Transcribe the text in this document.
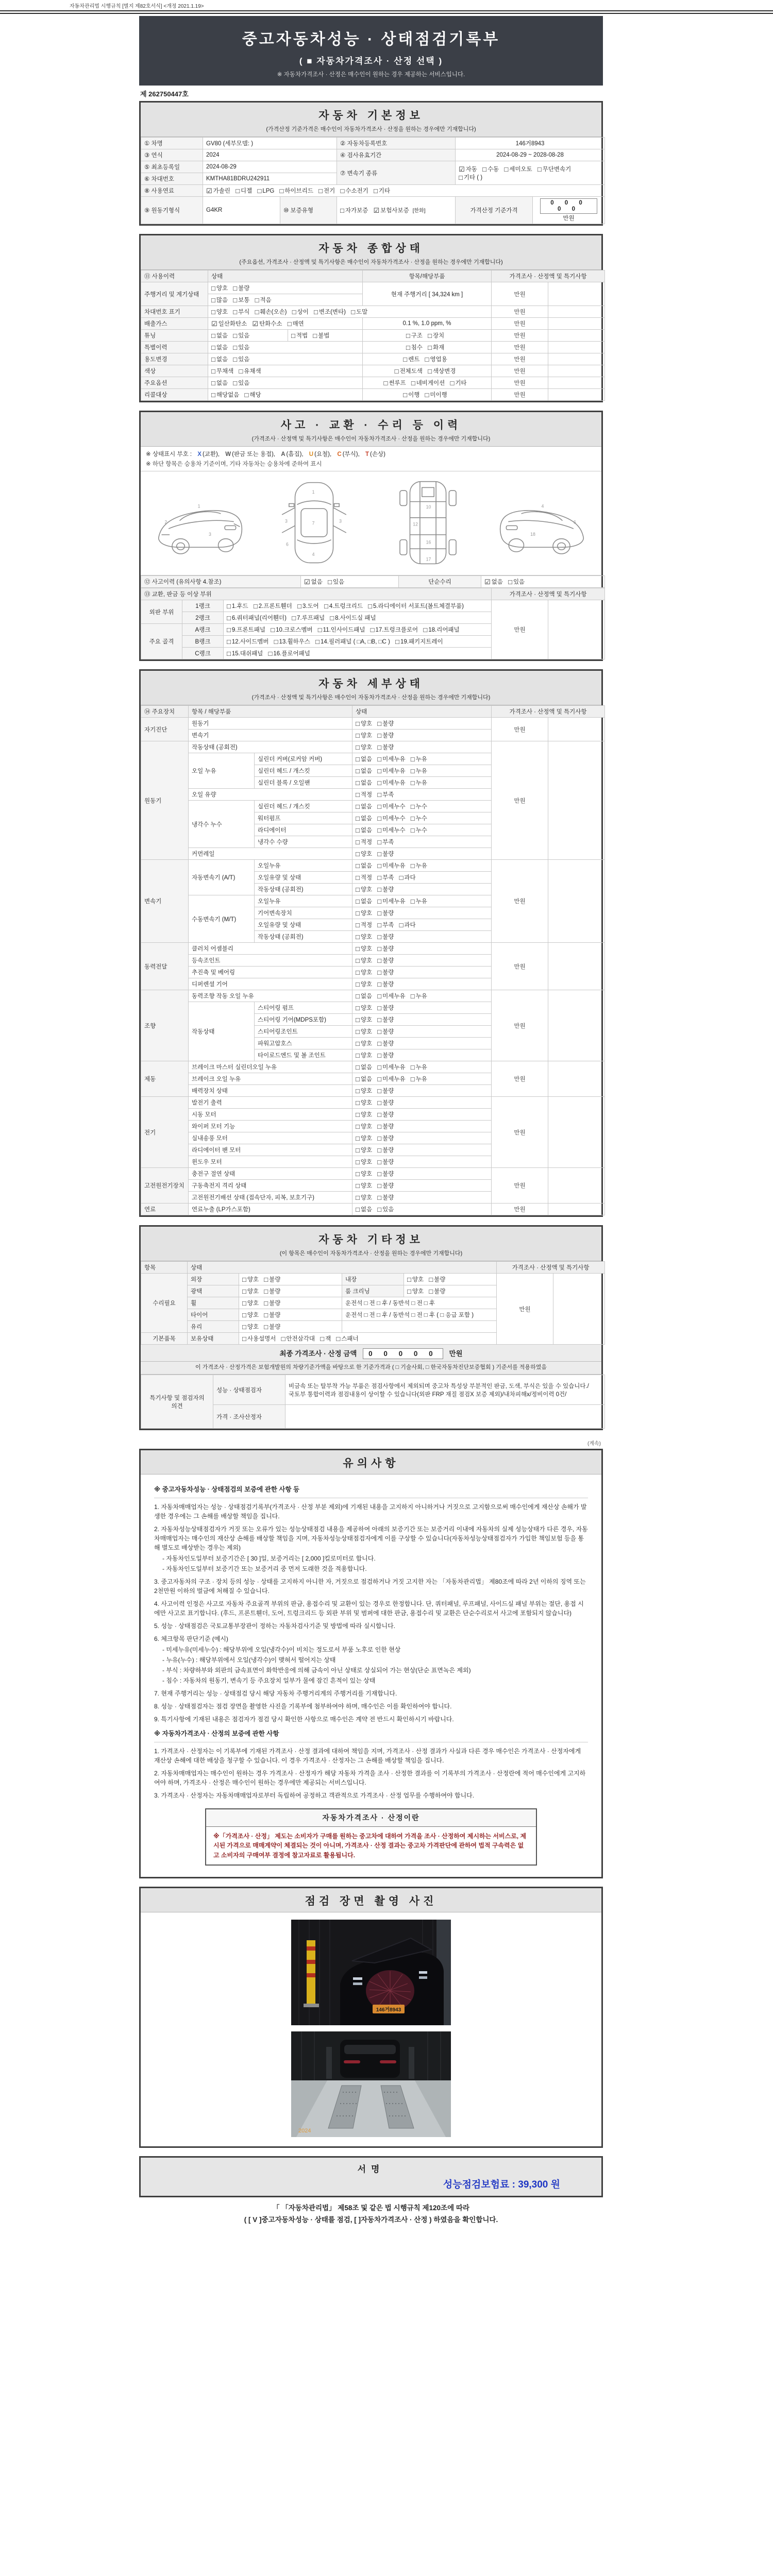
자동차관리법 시행규칙 [별지 제82호서식] <개정 2021.1.19>
중고자동차성능 · 상태점검기록부
( ■ 자동차가격조사 · 산정 선택 )
※ 자동차가격조사 · 산정은 매수인이 원하는 경우 제공하는 서비스입니다.
제 262750447호
자동차 기본정보
(가격산정 기준가격은 매수인이 자동차가격조사 · 산정을 원하는 경우에만 기재합니다)
① 차명	GV80 (세부모델: )		② 자동차등록번호	146거8943	
③ 연식	2024		④ 검사유효기간	2024-08-29 ~ 2028-08-28	
⑤ 최초등록일	2024-08-29		⑦ 변속기 종류	☑ 자동 □ 수동 □ 세미오토 □ 무단변속기 □ 기타 ( )	
⑥ 차대번호	KMTHA81BDRU242911				
⑧ 사용연료	☑ 가솔린 □ 디젤 □ LPG □ 하이브리드 □ 전기 □ 수소전기 □ 기타				
⑨ 원동기형식	G4KR	⑩ 보증유형	□ 자가보증 ☑ 보험사보증 [한화]	가격산정 기준가격	0 0 0 0 0만원
자동차 종합상태
(주요옵션, 가격조사 · 산정액 및 특기사항은 매수인이 자동차가격조사 · 산정을 원하는 경우에만 기재합니다)
⑪ 사용이력	상태		항목/해당부품	가격조사 · 산정액 및 특기사항	
주행거리 및 계기상태	□ 양호 □ 불량		현재 주행거리 [ 34,324 km ]	만원	
	□ 많음 □ 보통 □ 적음				
차대번호 표기	□ 양호 □ 부식 □ 훼손(오손) □ 상이 □ 변조(변타) □ 도말			만원	
배출가스	☑ 일산화탄소 ☑ 탄화수소 □ 매연		0.1 %, 1.0 ppm, %	만원	
튜닝	□ 없음 □ 있음	□ 적법 □ 불법	□ 구조 □ 장치	만원	
특별이력	□ 없음 □ 있음		□ 침수 □ 화재	만원	
용도변경	□ 없음 □ 있음		□ 렌트 □ 영업용	만원	
색상	□ 무채색 □ 유채색		□ 전체도색 □ 색상변경	만원	
주요옵션	□ 없음 □ 있음		□ 썬루프 □ 네비게이션 □ 기타	만원	
리콜대상	□ 해당없음 □ 해당		□ 이행 □ 미이행	만원	
사고 · 교환 · 수리 등 이력
(가격조사 · 산정액 및 특기사항은 매수인이 자동차가격조사 · 산정을 원하는 경우에만 기재합니다)
※ 상태표시 부호 : X (교환), W (판금 또는 용접), A (흠집), U (요철), C (부식), T (손상)
※ 하단 항목은 승용차 기준이며, 기타 자동차는 승용차에 준하여 표시
1
2
3
1
7
4
3	3
6
10
12
16
17
4
6
18
⑫ 사고이력 (유의사항 4.참조)	☑ 없음 □ 있음	단순수리	☑ 없음 □ 있음
⑬ 교환, 판금 등 이상 부위			가격조사 · 산정액 및 특기사항	
외판 부위	1랭크	□ 1.후드 □ 2.프론트휀더 □ 3.도어 □ 4.트렁크리드 □ 5.라디에이터 서포트(볼트체결부품)	만원	
	2랭크	□ 6.쿼터패널(리어휀더) □ 7.루프패널 □ 8.사이드실 패널		
주요 골격	A랭크	□ 9.프론트패널 □ 10.크로스멤버 □ 11.인사이드패널 □ 17.트렁크플로어 □ 18.리어패널		
	B랭크	□ 12.사이드멤버 □ 13.휠하우스 □ 14.필러패널 ( □A, □B, □C ) □ 19.패키지트레이		
	C랭크	□ 15.대쉬패널 □ 16.플로어패널		
자동차 세부상태
(가격조사 · 산정액 및 특기사항은 매수인이 자동차가격조사 · 산정을 원하는 경우에만 기재합니다)
⑭ 주요장치	항목 / 해당부품		상태	가격조사 · 산정액 및 특기사항	
자기진단	원동기		□ 양호 □ 불량	만원	
	변속기		□ 양호 □ 불량		
원동기	작동상태 (공회전)		□ 양호 □ 불량	만원	
	오일 누유	실린더 커버(로커암 커버)	□ 없음 □ 미세누유 □ 누유		
		실린더 헤드 / 개스킷	□ 없음 □ 미세누유 □ 누유		
		실린더 블록 / 오일팬	□ 없음 □ 미세누유 □ 누유		
	오일 유량		□ 적정 □ 부족		
	냉각수 누수	실린더 헤드 / 개스킷	□ 없음 □ 미세누수 □ 누수		
		워터펌프	□ 없음 □ 미세누수 □ 누수		
		라디에이터	□ 없음 □ 미세누수 □ 누수		
		냉각수 수량	□ 적정 □ 부족		
	커먼레일		□ 양호 □ 불량		
변속기	자동변속기 (A/T)	오일누유	□ 없음 □ 미세누유 □ 누유	만원	
		오일유량 및 상태	□ 적정 □ 부족 □ 과다		
		작동상태 (공회전)	□ 양호 □ 불량		
	수동변속기 (M/T)	오일누유	□ 없음 □ 미세누유 □ 누유		
		기어변속장치	□ 양호 □ 불량		
		오일유량 및 상태	□ 적정 □ 부족 □ 과다		
		작동상태 (공회전)	□ 양호 □ 불량		
동력전달	클러치 어셈블리		□ 양호 □ 불량	만원	
	등속조인트		□ 양호 □ 불량		
	추진축 및 베어링		□ 양호 □ 불량		
	디퍼렌셜 기어		□ 양호 □ 불량		
조향	동력조향 작동 오일 누유		□ 없음 □ 미세누유 □ 누유	만원	
	작동상태	스티어링 펌프	□ 양호 □ 불량		
		스티어링 기어(MDPS포함)	□ 양호 □ 불량		
		스티어링조인트	□ 양호 □ 불량		
		파워고압호스	□ 양호 □ 불량		
		타이로드엔드 및 볼 조인트	□ 양호 □ 불량		
제동	브레이크 마스터 실린더오일 누유		□ 없음 □ 미세누유 □ 누유	만원	
	브레이크 오일 누유		□ 없음 □ 미세누유 □ 누유		
	배력장치 상태		□ 양호 □ 불량		
전기	발전기 출력		□ 양호 □ 불량	만원	
	시동 모터		□ 양호 □ 불량		
	와이퍼 모터 기능		□ 양호 □ 불량		
	실내송풍 모터		□ 양호 □ 불량		
	라디에이터 팬 모터		□ 양호 □ 불량		
	윈도우 모터		□ 양호 □ 불량		
고전원전기장치	충전구 절연 상태		□ 양호 □ 불량	만원	
	구동축전지 격리 상태		□ 양호 □ 불량		
	고전원전기배선 상태 (접속단자, 피복, 보호기구)		□ 양호 □ 불량		
연료	연료누출 (LP가스포함)		□ 없음 □ 있음	만원	
자동차 기타정보
(이 항목은 매수인이 자동차가격조사 · 산정을 원하는 경우에만 기재합니다)
항목	상태				가격조사 · 산정액 및 특기사항	
수리필요	외장	□ 양호 □ 불량	내장	□ 양호 □ 불량	만원	
	광택	□ 양호 □ 불량	룸 크리닝	□ 양호 □ 불량		
	휠	□ 양호 □ 불량	운전석 □ 전 □ 후 / 동반석 □ 전 □ 후			
	타이어	□ 양호 □ 불량	운전석 □ 전 □ 후 / 동반석 □ 전 □ 후 ( □ 응급 포함 )			
	유리	□ 양호 □ 불량				
기본품목	보유상태	□ 사용설명서 □ 안전삼각대 □ 잭 □ 스패너				
최종 가격조사 · 산정 금액 0 0 0 0 0 만원
이 가격조사 · 산정가격은 보험개발원의 차량기준가액을 바탕으로 한 기준가격과 ( □ 기술사회, □ 한국자동차진단보증협회 ) 기준서를 적용하였음
특기사항 및 점검자의 의견	성능 · 상태점검자	비금속 또는 탈부착 가능 부품은 점검사항에서 제외되며 중고차 특성상 부분적인 판금, 도색, 부식은 있을 수 있습니다./국토부 통합이력과 점검내용이 상이할 수 있습니다(외판 FRP 재질 점검X 보증 제외)/내차피해x/정비이력 0건/
	가격 · 조사산정자	
(계속)
유의사항
※ 중고자동차성능 · 상태점검의 보증에 관한 사항 등
1. 자동차매매업자는 성능 · 상태점검기록부(가격조사 · 산정 부분 제외)에 기재된 내용을 고지하지 아니하거나 거짓으로 고지함으로써 매수인에게 재산상 손해가 발생한 경우에는 그 손해를 배상할 책임을 집니다.
2. 자동차성능상태점검자가 거짓 또는 오류가 있는 성능상태점검 내용을 제공하여 아래의 보증기간 또는 보증거리 이내에 자동차의 실제 성능상태가 다른 경우, 자동차매매업자는 매수인의 재산상 손해를 배상할 책임을 지며, 자동차성능상태점검자에게 이를 구상할 수 있습니다(자동차성능상태점검자가 가입한 책임보험 등을 통해 별도로 배상받는 경우는 제외)
- 자동차인도일부터 보증기간은 [ 30 ]일, 보증거리는 [ 2,000 ]킬로미터로 합니다.
- 자동차인도일부터 보증기간 또는 보증거리 중 먼저 도래한 것을 적용합니다.
3. 중고자동차의 구조 · 장치 등의 성능 · 상태를 고지하지 아니한 자, 거짓으로 점검하거나 거짓 고지한 자는 「자동차관리법」 제80조에 따라 2년 이하의 징역 또는 2천만원 이하의 벌금에 처해질 수 있습니다.
4. 사고이력 인정은 사고로 자동차 주요골격 부위의 판금, 용접수리 및 교환이 있는 경우로 한정합니다. 단, 쿼터패널, 루프패널, 사이드실 패널 부위는 절단, 용접 시에만 사고로 표기합니다. (후드, 프론트휀더, 도어, 트렁크리드 등 외판 부위 및 범퍼에 대한 판금, 용접수리 및 교환은 단순수리로서 사고에 포함되지 않습니다)
5. 성능 · 상태점검은 국토교통부장관이 정하는 자동차검사기준 및 방법에 따라 실시합니다.
6. 체크항목 판단기준 (예시)
- 미세누유(미세누수) : 해당부위에 오일(냉각수)이 비치는 정도로서 부품 노후로 인한 현상
- 누유(누수) : 해당부위에서 오일(냉각수)이 맺혀서 떨어지는 상태
- 부식 : 차량하부와 외판의 금속표면이 화학반응에 의해 금속이 아닌 상태로 상실되어 가는 현상(단순 표면녹은 제외)
- 침수 : 자동차의 원동기, 변속기 등 주요장치 일부가 물에 잠긴 흔적이 있는 상태
7. 현재 주행거리는 성능 · 상태점검 당시 해당 자동차 주행거리계의 주행거리를 기재합니다.
8. 성능 · 상태점검자는 점검 장면을 촬영한 사진을 기록부에 첨부하여야 하며, 매수인은 이를 확인하여야 합니다.
9. 특기사항에 기재된 내용은 점검자가 점검 당시 확인한 사항으로 매수인은 계약 전 반드시 확인하시기 바랍니다.
※ 자동차가격조사 · 산정의 보증에 관한 사항
1. 가격조사 · 산정자는 이 기록부에 기재된 가격조사 · 산정 결과에 대하여 책임을 지며, 가격조사 · 산정 결과가 사실과 다른 경우 매수인은 가격조사 · 산정자에게 재산상 손해에 대한 배상을 청구할 수 있습니다. 이 경우 가격조사 · 산정자는 그 손해를 배상할 책임을 집니다.
2. 자동차매매업자는 매수인이 원하는 경우 가격조사 · 산정자가 해당 자동차 가격을 조사 · 산정한 결과를 이 기록부의 가격조사 · 산정란에 적어 매수인에게 고지하여야 하며, 가격조사 · 산정은 매수인이 원하는 경우에만 제공되는 서비스입니다.
3. 가격조사 · 산정자는 자동차매매업자로부터 독립하여 공정하고 객관적으로 가격조사 · 산정 업무를 수행하여야 합니다.
자동차가격조사 · 산정이란
※「가격조사 · 산정」 제도는 소비자가 구매를 원하는 중고차에 대하여 가격을 조사 · 산정하여 제시하는 서비스로, 제시된 가격으로 매매계약이 체결되는 것이 아니며, 가격조사 · 산정 결과는 중고차 가격판단에 관하여 법적 구속력은 없고 소비자의 구매여부 결정에 참고자료로 활용됩니다.
점검 장면 촬영 사진
146거8943
2024
서명
성능점검보험료 : 39,300 원
「 「자동차관리법」 제58조 및 같은 법 시행규칙 제120조에 따라
( [ V ]중고자동차성능 · 상태를 점검, [ ]자동차가격조사 · 산정 ) 하였음을 확인합니다.
